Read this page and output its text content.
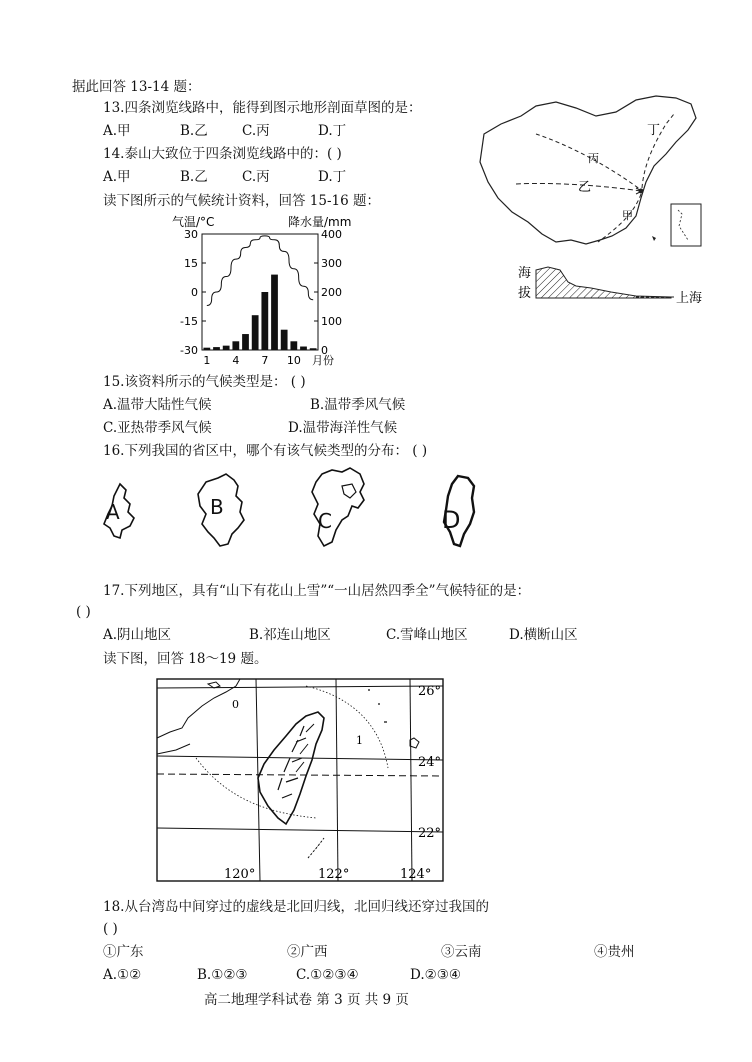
据此回答 13-14 题：
13.四条浏览线路中，能得到图示地形剖面草图的是：
A.甲	B.乙	C.丙	D.丁
14.泰山大致位于四条浏览线路中的：( )
A.甲	B.乙	C.丙	D.丁
读下图所示的气候统计资料，回答 15-16 题：
丁
丙
乙
甲
海
拔	上海
气温/°C	降水量/mm
30
15
0
-15
-30
400
300
200
100
0
1 4 7 10 月份
15.该资料所示的气候类型是： ( )
A.温带大陆性气候	B.温带季风气候
C.亚热带季风气候	D.温带海洋性气候
16.下列我国的省区中，哪个有该气候类型的分布： ( )
A	B
C	D
17.下列地区，具有“山下有花山上雪”“一山居然四季全”气候特征的是：
( )
A.阴山地区	B.祁连山地区	C.雪峰山地区	D.横断山区
读下图，回答 18～19 题。
26°
24°
22°
120°	122°	124°
0
1
18.从台湾岛中间穿过的虚线是北回归线，北回归线还穿过我国的
( )
①广东	②广西	③云南	④贵州
A.①②	B.①②③	C.①②③④	D.②③④
高二地理学科试卷 第 3 页 共 9 页
